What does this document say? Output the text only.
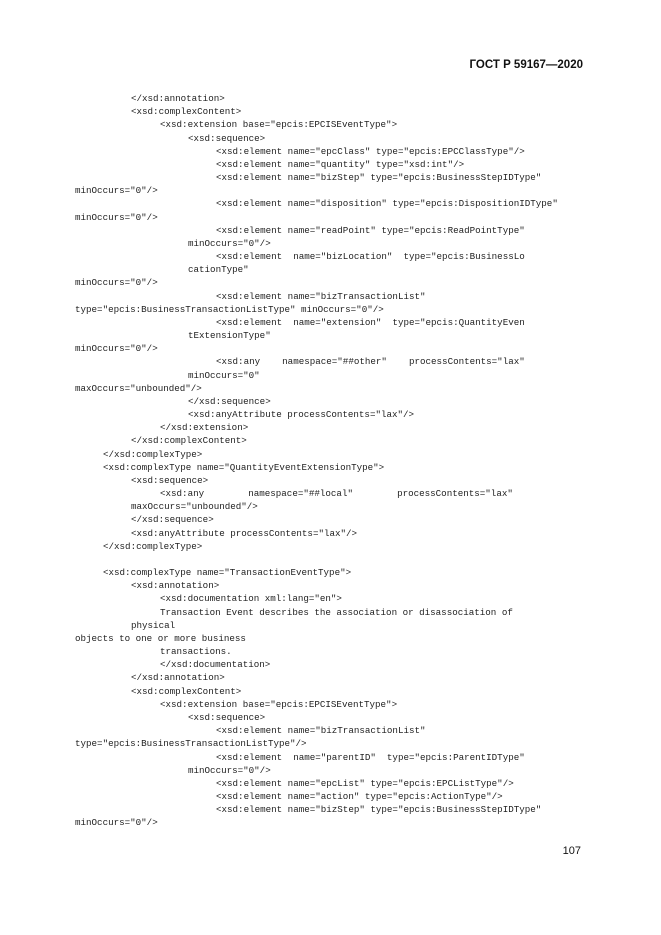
ГОСТ Р 59167—2020
</xsd:annotation>
<xsd:complexContent>
<xsd:extension base="epcis:EPCISEventType">
<xsd:sequence>
<xsd:element name="epcClass" type="epcis:EPCClassType"/>
<xsd:element name="quantity" type="xsd:int"/>
<xsd:element name="bizStep" type="epcis:BusinessStepIDType"
minOccurs="0"/>
<xsd:element name="disposition" type="epcis:DispositionIDType"
minOccurs="0"/>
<xsd:element name="readPoint" type="epcis:ReadPointType"
minOccurs="0"/>
<xsd:element  name="bizLocation"  type="epcis:BusinessLo
cationType"
minOccurs="0"/>
<xsd:element name="bizTransactionList"
type="epcis:BusinessTransactionListType" minOccurs="0"/>
<xsd:element  name="extension"  type="epcis:QuantityEven
tExtensionType"
minOccurs="0"/>
<xsd:any    namespace="##other"    processContents="lax"
minOccurs="0"
maxOccurs="unbounded"/>
</xsd:sequence>
<xsd:anyAttribute processContents="lax"/>
</xsd:extension>
</xsd:complexContent>
</xsd:complexType>
<xsd:complexType name="QuantityEventExtensionType">
<xsd:sequence>
<xsd:any        namespace="##local"        processContents="lax"
maxOccurs="unbounded"/>
</xsd:sequence>
<xsd:anyAttribute processContents="lax"/>
</xsd:complexType>
<xsd:complexType name="TransactionEventType">
<xsd:annotation>
<xsd:documentation xml:lang="en">
Transaction Event describes the association or disassociation of
physical
objects to one or more business
transactions.
</xsd:documentation>
</xsd:annotation>
<xsd:complexContent>
<xsd:extension base="epcis:EPCISEventType">
<xsd:sequence>
<xsd:element name="bizTransactionList"
type="epcis:BusinessTransactionListType"/>
<xsd:element  name="parentID"  type="epcis:ParentIDType"
minOccurs="0"/>
<xsd:element name="epcList" type="epcis:EPCListType"/>
<xsd:element name="action" type="epcis:ActionType"/>
<xsd:element name="bizStep" type="epcis:BusinessStepIDType"
minOccurs="0"/>
107
